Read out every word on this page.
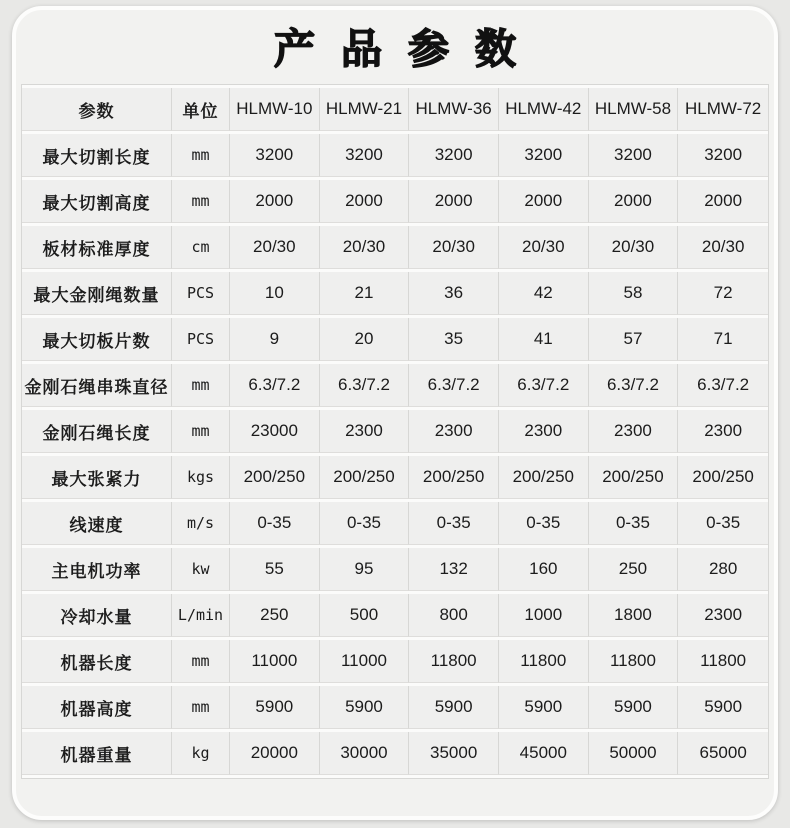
产品参数
参数	单位	HLMW-10	HLMW-21	HLMW-36	HLMW-42	HLMW-58	HLMW-72
最大切割长度	mm	3200	3200	3200	3200	3200	3200
最大切割高度	mm	2000	2000	2000	2000	2000	2000
板材标准厚度	cm	20/30	20/30	20/30	20/30	20/30	20/30
最大金刚绳数量	PCS	10	21	36	42	58	72
最大切板片数	PCS	9	20	35	41	57	71
金刚石绳串珠直径	mm	6.3/7.2	6.3/7.2	6.3/7.2	6.3/7.2	6.3/7.2	6.3/7.2
金刚石绳长度	mm	23000	2300	2300	2300	2300	2300
最大张紧力	kgs	200/250	200/250	200/250	200/250	200/250	200/250
线速度	m/s	0-35	0-35	0-35	0-35	0-35	0-35
主电机功率	kw	55	95	132	160	250	280
冷却水量	L/min	250	500	800	1000	1800	2300
机器长度	mm	11000	11000	11800	11800	11800	11800
机器高度	mm	5900	5900	5900	5900	5900	5900
机器重量	kg	20000	30000	35000	45000	50000	65000
